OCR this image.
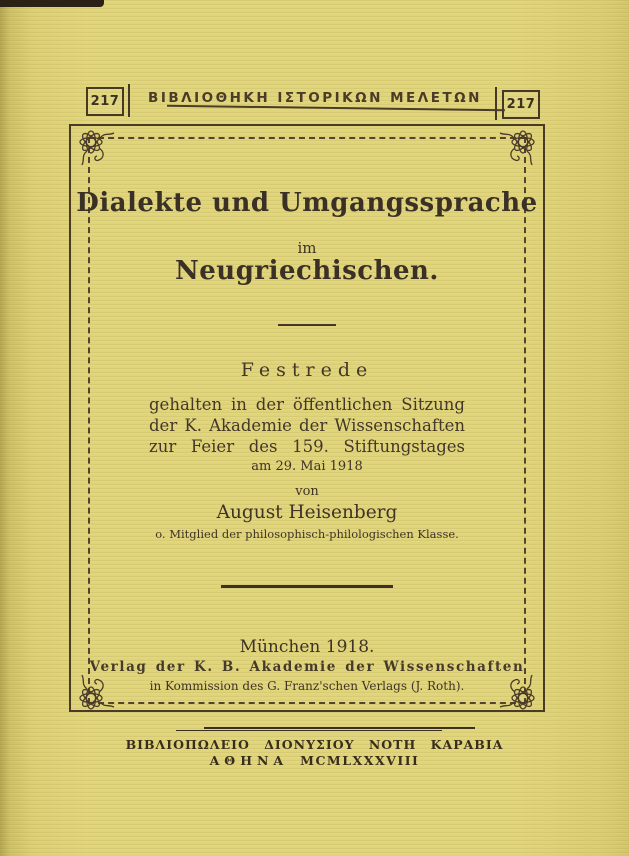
217	ΒΙΒΛΙΟΘΗΚΗ ΙΣΤΟΡΙΚΩΝ ΜΕΛΕΤΩΝ	217
Dialekte und Umgangssprache
im
Neugriechischen.
Festrede
gehalten in der öffentlichen Sitzung
der K. Akademie der Wissenschaften
zur Feier des 159. Stiftungstages
am 29. Mai 1918
von
August Heisenberg
o. Mitglied der philosophisch-philologischen Klasse.
München 1918.
Verlag der K. B. Akademie der Wissenschaften
in Kommission des G. Franz'schen Verlags (J. Roth).
ΒΙΒΛΙΟΠΩΛΕΙΟ ΔΙΟΝΥΣΙΟΥ ΝΟΤΗ ΚΑΡΑΒΙΑ
ΑΘΗΝΑ MCMLXXXVIII
